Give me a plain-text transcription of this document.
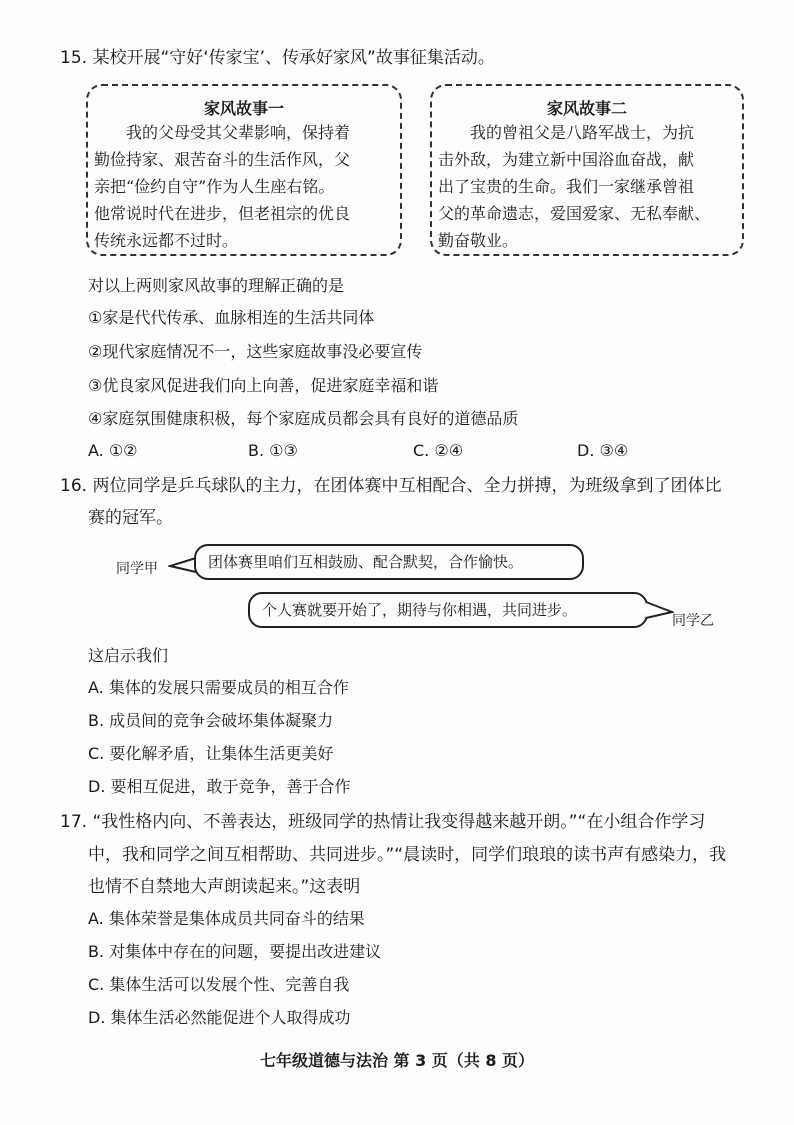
15. 某校开展“守好‘传家宝’、传承好家风”故事征集活动。
家风故事一
我的父母受其父辈影响，保持着
勤俭持家、艰苦奋斗的生活作风，父
亲把“俭约自守”作为人生座右铭。
他常说时代在进步，但老祖宗的优良
传统永远都不过时。
家风故事二
我的曾祖父是八路军战士，为抗
击外敌，为建立新中国浴血奋战，献
出了宝贵的生命。我们一家继承曾祖
父的革命遗志，爱国爱家、无私奉献、
勤奋敬业。
对以上两则家风故事的理解正确的是
①家是代代传承、血脉相连的生活共同体
②现代家庭情况不一，这些家庭故事没必要宣传
③优良家风促进我们向上向善，促进家庭幸福和谐
④家庭氛围健康积极，每个家庭成员都会具有良好的道德品质
A. ①②	B. ①③	C. ②④	D. ③④
16. 两位同学是乒乓球队的主力，在团体赛中互相配合、全力拼搏，为班级拿到了团体比
赛的冠军。
同学甲	团体赛里咱们互相鼓励、配合默契，合作愉快。
个人赛就要开始了，期待与你相遇，共同进步。
同学乙
这启示我们
A. 集体的发展只需要成员的相互合作
B. 成员间的竞争会破坏集体凝聚力
C. 要化解矛盾，让集体生活更美好
D. 要相互促进，敢于竞争，善于合作
17. “我性格内向、不善表达，班级同学的热情让我变得越来越开朗。”“在小组合作学习
中，我和同学之间互相帮助、共同进步。”“晨读时，同学们琅琅的读书声有感染力，我
也情不自禁地大声朗读起来。”这表明
A. 集体荣誉是集体成员共同奋斗的结果
B. 对集体中存在的问题，要提出改进建议
C. 集体生活可以发展个性、完善自我
D. 集体生活必然能促进个人取得成功
七年级道德与法治 第 3 页（共 8 页）
